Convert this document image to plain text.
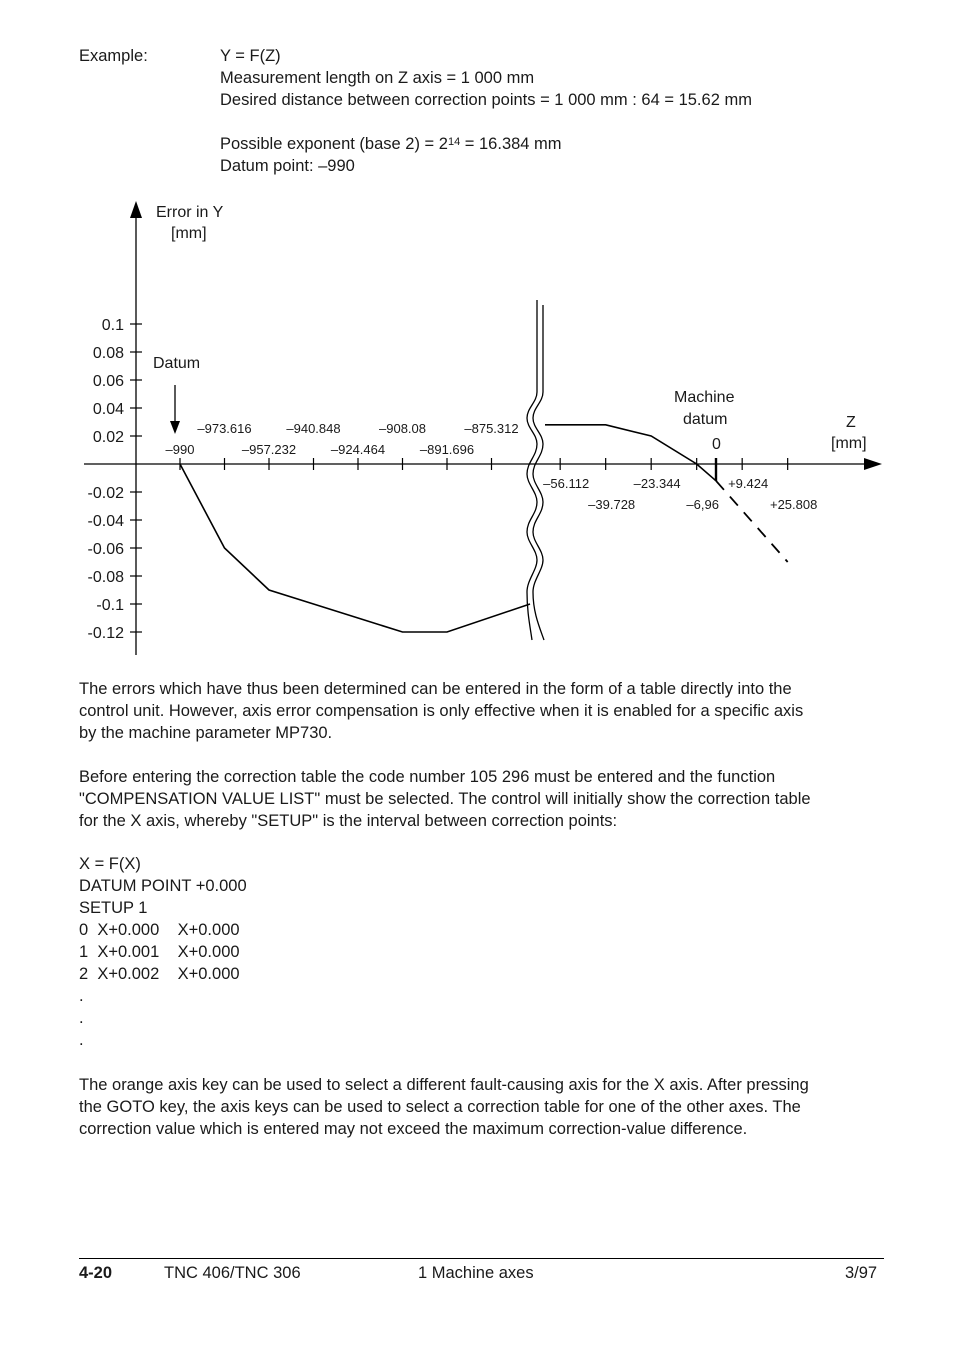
Example:	Y = F(Z)
Measurement length on Z axis = 1 000 mm
Desired distance between correction points = 1 000 mm : 64 = 15.62 mm
Possible exponent (base $2) = 2^{14} = 16.384$ mm
Datum point: –990
Error in Y
[mm]
Z
[mm]
0.1
0.08
0.06
0.04
0.02
-0.02
-0.04
-0.06
-0.08
-0.1
-0.12
–990	–957.232	–924.464	–891.696
–973.616	–940.848	–908.08	–875.312
–56.112	–23.344	+9.424
–39.728	–6,96	+25.808
Datum
Machine
datum
0
The errors which have thus been determined can be entered in the form of a table directly into the
control unit. However, axis error compensation is only effective when it is enabled for a specific axis
by the machine parameter MP730.
Before entering the correction table the code number 105 296 must be entered and the function
"COMPENSATION VALUE LIST" must be selected. The control will initially show the correction table
for the X axis, whereby "SETUP" is the interval between correction points:
X = F(X)
DATUM POINT +0.000
SETUP 1
0  X+0.000    X+0.000
1  X+0.001    X+0.000
2  X+0.002    X+0.000
.
.
.
The orange axis key can be used to select a different fault-causing axis for the X axis. After pressing
the GOTO key, the axis keys can be used to select a correction table for one of the other axes. The
correction value which is entered may not exceed the maximum correction-value difference.
4-20	TNC 406/TNC 306	1 Machine axes	3/97
